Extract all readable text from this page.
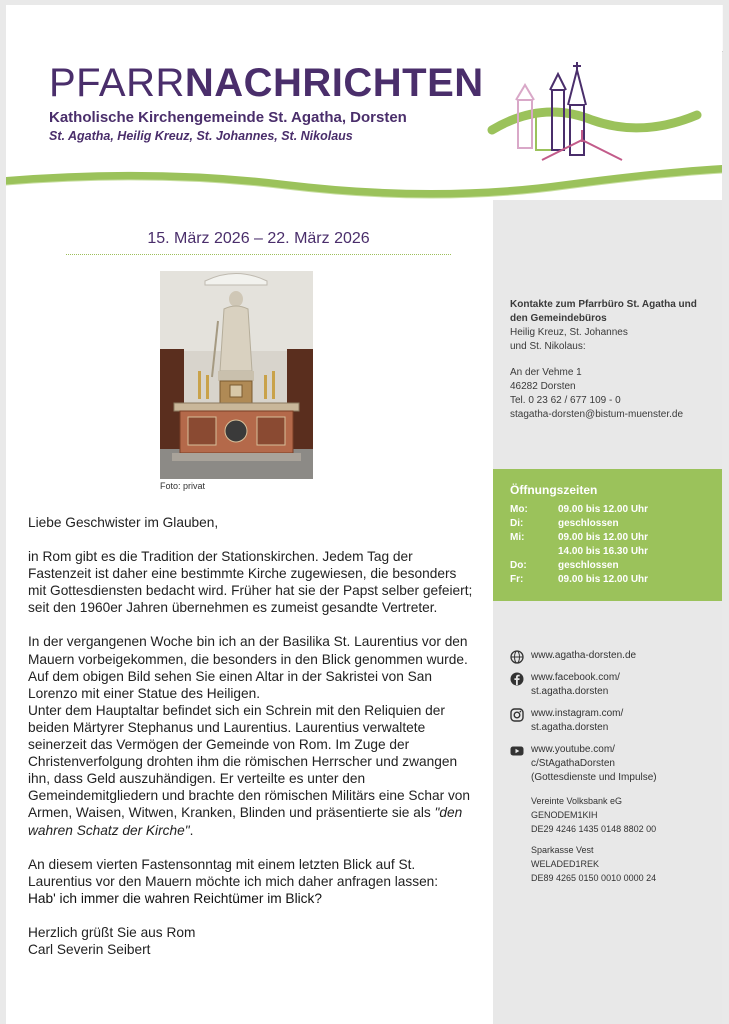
PFARRNACHRICHTEN
Katholische Kirchengemeinde St. Agatha, Dorsten
St. Agatha, Heilig Kreuz, St. Johannes, St. Nikolaus
15. März 2026 – 22. März 2026
Foto: privat

Liebe Geschwister im Glauben,

in Rom gibt es die Tradition der Stationskirchen. Jedem Tag der Fastenzeit ist daher eine bestimmte Kirche zugewiesen, die besonders mit Gottesdiensten bedacht wird. Früher hat sie der Papst selber gefeiert; seit den 1960er Jahren übernehmen es zumeist gesandte Vertreter.

In der vergangenen Woche bin ich an der Basilika St. Laurentius vor den Mauern vorbeigekommen, die besonders in den Blick genommen wurde. Auf dem obigen Bild sehen Sie einen Altar in der Sakristei von San Lorenzo mit einer Statue des Heiligen.
Unter dem Hauptaltar befindet sich ein Schrein mit den Reliquien der beiden Märtyrer Stephanus und Laurentius. Laurentius verwaltete seinerzeit das Vermögen der Gemeinde von Rom. Im Zuge der Christenverfolgung drohten ihm die römischen Herrscher und zwangen ihn, dass Geld auszuhändigen. Er verteilte es unter den Gemeindemitgliedern und brachte den römischen Militärs eine Schar von Armen, Waisen, Witwen, Kranken, Blinden und präsentierte sie als "den wahren Schatz der Kirche".

An diesem vierten Fastensonntag mit einem letzten Blick auf St. Laurentius vor den Mauern möchte ich mich daher anfragen lassen:
Hab' ich immer die wahren Reichtümer im Blick?

Herzlich grüßt Sie aus Rom
Carl Severin Seibert

Kontakte zum Pfarrbüro St. Agatha und
den Gemeindebüros
Heilig Kreuz, St. Johannes
und St. Nikolaus:
An der Vehme 1
46282 Dorsten
Tel. 0 23 62 / 677 109 - 0
stagatha-dorsten@bistum-muenster.de
Öffnungszeiten
Mo:	09.00 bis 12.00 Uhr
Di:	geschlossen
Mi:	09.00 bis 12.00 Uhr
14.00 bis 16.30 Uhr
Do:	geschlossen
Fr:	09.00 bis 12.00 Uhr
www.agatha-dorsten.de
www.facebook.com/
st.agatha.dorsten
www.instagram.com/
st.agatha.dorsten
www.youtube.com/
c/StAgathaDorsten
(Gottesdienste und Impulse)
Vereinte Volksbank eG
GENODEM1KIH
DE29 4246 1435 0148 8802 00
Sparkasse Vest
WELADED1REK
DE89 4265 0150 0010 0000 24
